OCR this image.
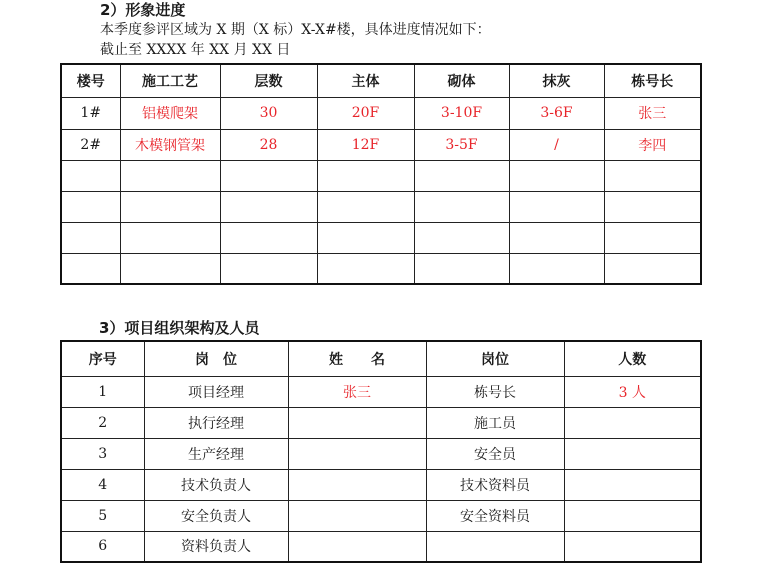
2）形象进度
本季度参评区域为 X 期（X 标）X-X#楼，具体进度情况如下：
截止至 XXXX 年 XX 月 XX 日
楼号	施工工艺	层数	主体	砌体	抹灰	栋号长
1#	铝模爬架	30	20F	3-10F	3-6F	张三
2#	木模钢管架	28	12F	3-5F	/	李四

3）项目组织架构及人员
序号	岗　位	姓　　名	岗位	人数
1	项目经理	张三	栋号长	3 人
2	执行经理		施工员	
3	生产经理		安全员	
4	技术负责人		技术资料员	
5	安全负责人		安全资料员	
6	资料负责人			
